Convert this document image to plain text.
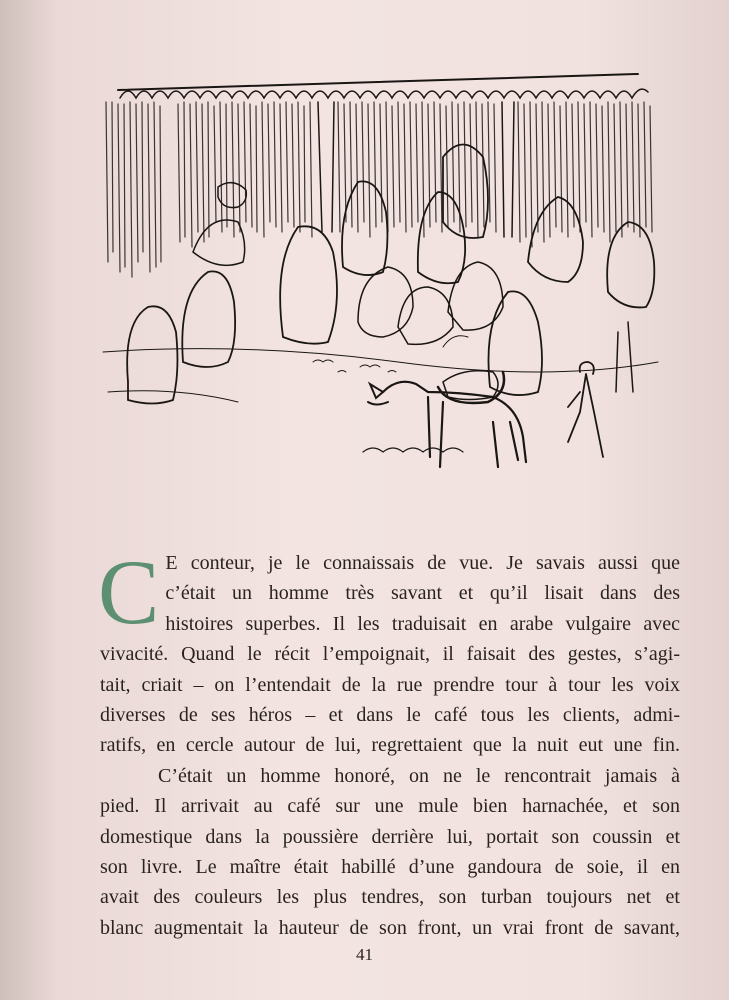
C E conteur, je le connaissais de vue. Je savais aussi que
c’était un homme très savant et qu’il lisait dans des
histoires superbes. Il les traduisait en arabe vulgaire avec
vivacité. Quand le récit l’empoignait, il faisait des gestes, s’agi-
tait, criait – on l’entendait de la rue prendre tour à tour les voix
diverses de ses héros – et dans le café tous les clients, admi-
ratifs, en cercle autour de lui, regrettaient que la nuit eut une fin.
C’était un homme honoré, on ne le rencontrait jamais à
pied. Il arrivait au café sur une mule bien harnachée, et son
domestique dans la poussière derrière lui, portait son coussin et
son livre. Le maître était habillé d’une gandoura de soie, il en
avait des couleurs les plus tendres, son turban toujours net et
blanc augmentait la hauteur de son front, un vrai front de savant,
41
